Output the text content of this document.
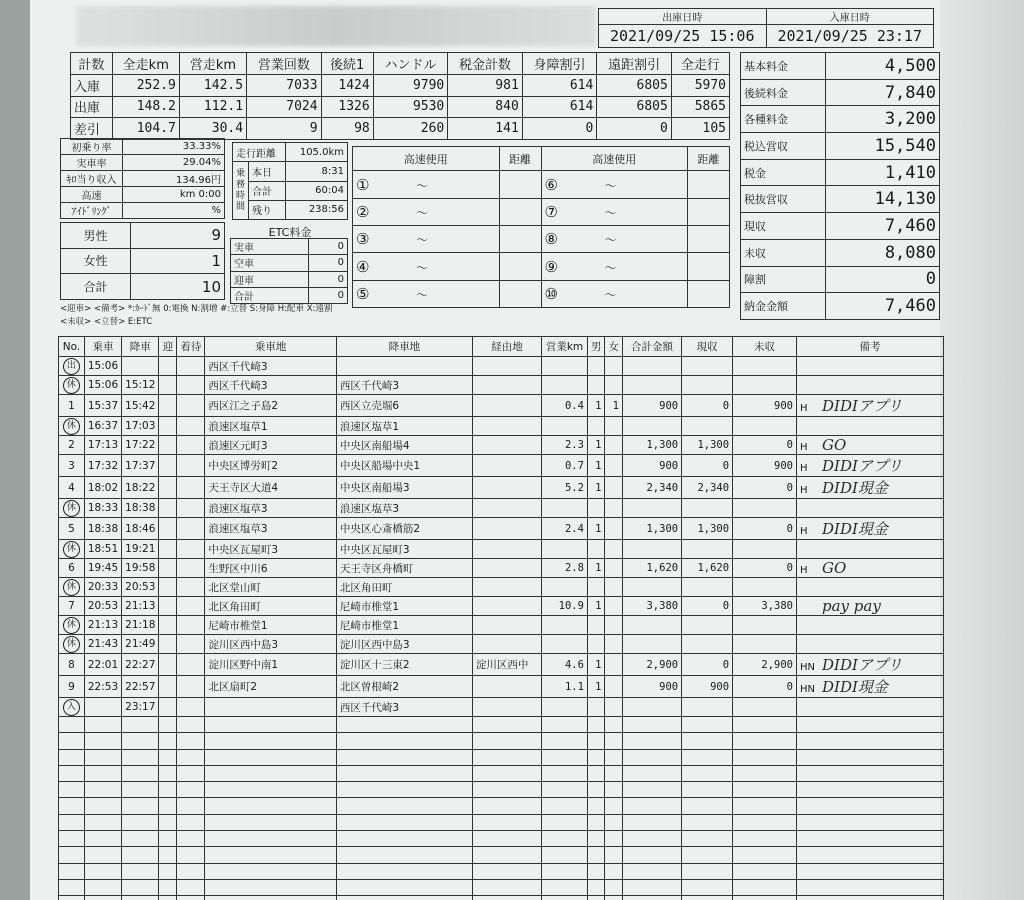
出庫日時	入庫日時
2021/09/25 15:06	2021/09/25 23:17
計数	全走km	営走km	営業回数	後続1	ハンドル	税金計数	身障割引	遠距割引	全走行
入庫	252.9	142.5	7033	1424	9790	981	614	6805	5970
出庫	148.2	112.1	7024	1326	9530	840	614	6805	5865
差引	104.7	30.4	9	98	260	141	0	0	105
基本料金	4,500
後続料金	7,840
各種料金	3,200
税込営収	15,540
税金	1,410
税抜営収	14,130
現収	7,460
未収	8,080
障割	0
納金金額	7,460
初乗り率	33.33%
実車率	29.04%
ｷﾛ当り収入	134.96円
高速	km 0:00
ｱｲﾄﾞﾘﾝｸﾞ	%
走行距離		105.0km
乗務時間	本日	8:31
	合計	60:04
	残り	238:56
高速使用	距離	高速使用	距離
① 〜		⑥ 〜	
② 〜		⑦ 〜	
③ 〜		⑧ 〜	
④ 〜		⑨ 〜	
⑤ 〜		⑩ 〜	
男性	9
女性	1
合計	10
ETC料金
実車	0
空車	0
迎車	0
合計	0
<迎車> <備考> *:ｶｰﾄﾞ無 0:電換 N:割増 #:立替 S:身障 H:配車 X:遠割
<未収> <立替> E:ETC
No.	乗車	降車	迎	着待	乗車地	降車地	経由地	営業km	男	女	合計金額	現収	未収	備考
出	15:06				西区千代崎3									
休	15:06	15:12			西区千代崎3	西区千代崎3								
1	15:37	15:42			西区江之子島2	西区立売堀6		0.4	1	1	900	0	900	H DIDIアプリ
休	16:37	17:03			浪速区塩草1	浪速区塩草1								
2	17:13	17:22			浪速区元町3	中央区南船場4		2.3	1		1,300	1,300	0	H GO
3	17:32	17:37			中央区博労町2	中央区船場中央1		0.7	1		900	0	900	H DIDIアプリ
4	18:02	18:22			天王寺区大道4	中央区南船場3		5.2	1		2,340	2,340	0	H DIDI現金
休	18:33	18:38			浪速区塩草3	浪速区塩草3								
5	18:38	18:46			浪速区塩草3	中央区心斎橋筋2		2.4	1		1,300	1,300	0	H DIDI現金
休	18:51	19:21			中央区瓦屋町3	中央区瓦屋町3								
6	19:45	19:58			生野区中川6	天王寺区舟橋町		2.8	1		1,620	1,620	0	H GO
休	20:33	20:53			北区堂山町	北区角田町								
7	20:53	21:13			北区角田町	尼崎市椎堂1		10.9	1		3,380	0	3,380	pay pay
休	21:13	21:18			尼崎市椎堂1	尼崎市椎堂1								
休	21:43	21:49			淀川区西中島3	淀川区西中島3								
8	22:01	22:27			淀川区野中南1	淀川区十三東2	淀川区西中	4.6	1		2,900	0	2,900	HN DIDIアプリ
9	22:53	22:57			北区扇町2	北区曽根崎2		1.1	1		900	900	0	HN DIDI現金
入		23:17				西区千代崎3								
